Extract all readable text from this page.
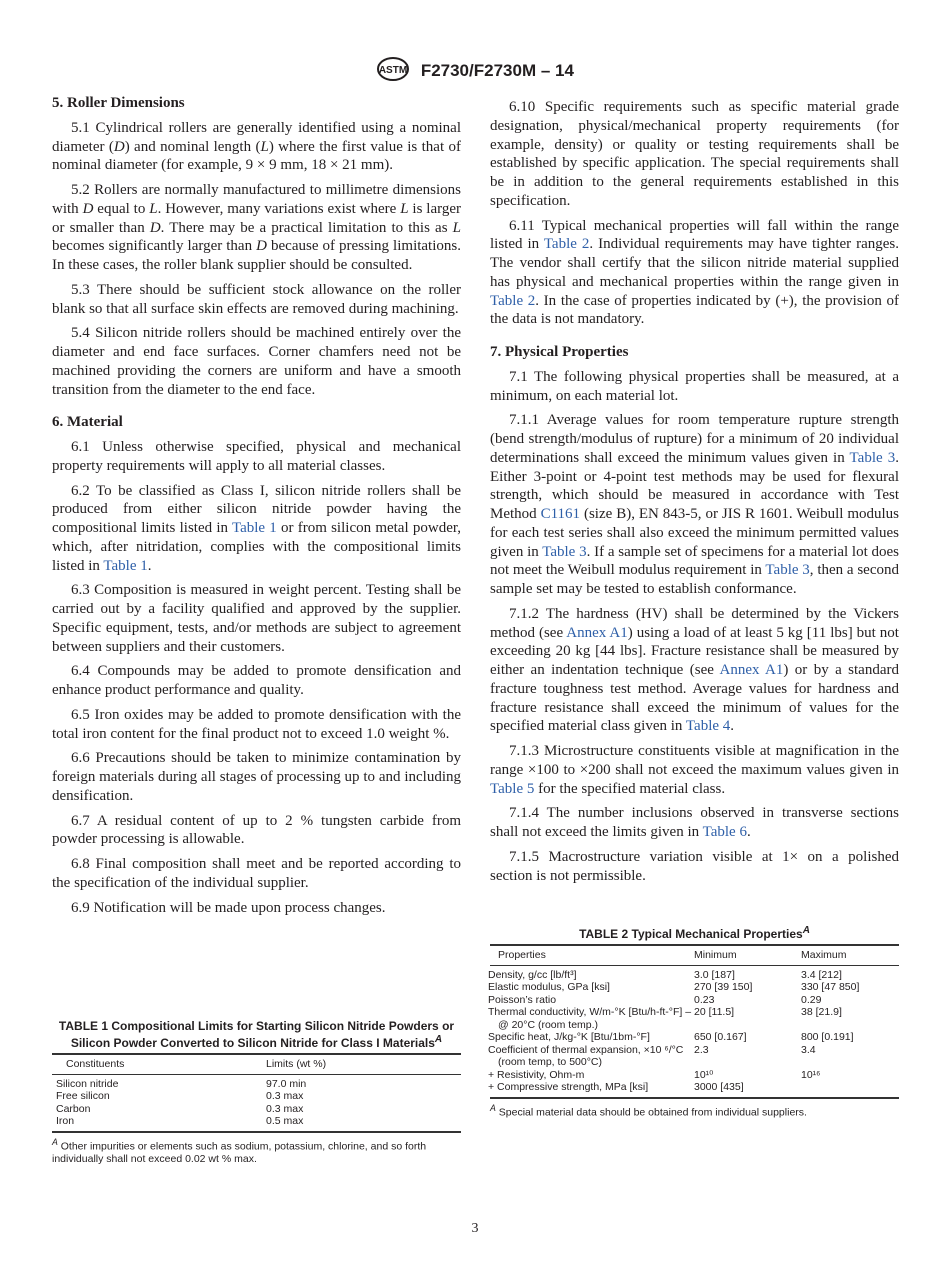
ASTM F2730/F2730M – 14
5. Roller Dimensions

5.1 Cylindrical rollers are generally identified using a nominal diameter (D) and nominal length (L) where the first value is that of nominal diameter (for example, 9 × 9 mm, 18 × 21 mm).

5.2 Rollers are normally manufactured to millimetre dimensions with D equal to L. However, many variations exist where L is larger or smaller than D. There may be a practical limitation to this as L becomes significantly larger than D because of pressing limitations. In these cases, the roller blank supplier should be consulted.

5.3 There should be sufficient stock allowance on the roller blank so that all surface skin effects are removed during machining.

5.4 Silicon nitride rollers should be machined entirely over the diameter and end face surfaces. Corner chamfers need not be machined providing the corners are uniform and have a smooth transition from the diameter to the end face.

6. Material

6.1 Unless otherwise specified, physical and mechanical property requirements will apply to all material classes.

6.2 To be classified as Class I, silicon nitride rollers shall be produced from either silicon nitride powder having the compositional limits listed in Table 1 or from silicon metal powder, which, after nitridation, complies with the compositional limits listed in Table 1.

6.3 Composition is measured in weight percent. Testing shall be carried out by a facility qualified and approved by the supplier. Specific equipment, tests, and/or methods are subject to agreement between suppliers and their customers.

6.4 Compounds may be added to promote densification and enhance product performance and quality.

6.5 Iron oxides may be added to promote densification with the total iron content for the final product not to exceed 1.0 weight %.

6.6 Precautions should be taken to minimize contamination by foreign materials during all stages of processing up to and including densification.

6.7 A residual content of up to 2 % tungsten carbide from powder processing is allowable.

6.8 Final composition shall meet and be reported according to the specification of the individual supplier.

6.9 Notification will be made upon process changes.

6.10 Specific requirements such as specific material grade designation, physical/mechanical property requirements (for example, density) or quality or testing requirements shall be established by specific application. The special requirements shall be in addition to the general requirements established in this specification.

6.11 Typical mechanical properties will fall within the range listed in Table 2. Individual requirements may have tighter ranges. The vendor shall certify that the silicon nitride material supplied has physical and mechanical properties within the range given in Table 2. In the case of properties indicated by (+), the provision of the data is not mandatory.

7. Physical Properties

7.1 The following physical properties shall be measured, at a minimum, on each material lot.

7.1.1 Average values for room temperature rupture strength (bend strength/modulus of rupture) for a minimum of 20 individual determinations shall exceed the minimum values given in Table 3. Either 3-point or 4-point test methods may be used for flexural strength, which should be measured in accordance with Test Method C1161 (size B), EN 843-5, or JIS R 1601. Weibull modulus for each test series shall also exceed the minimum permitted values given in Table 3. If a sample set of specimens for a material lot does not meet the Weibull modulus requirement in Table 3, then a second sample set may be tested to establish conformance.

7.1.2 The hardness (HV) shall be determined by the Vickers method (see Annex A1) using a load of at least 5 kg [11 lbs] but not exceeding 20 kg [44 lbs]. Fracture resistance shall be measured by either an indentation technique (see Annex A1) or by a standard fracture toughness test method. Average values for hardness and fracture resistance shall exceed the minimum of values for the specified material class given in Table 4.

7.1.3 Microstructure constituents visible at magnification in the range ×100 to ×200 shall not exceed the maximum values given in Table 5 for the specified material class.

7.1.4 The number inclusions observed in transverse sections shall not exceed the limits given in Table 6.

7.1.5 Macrostructure variation visible at 1× on a polished section is not permissible.

TABLE 1 Compositional Limits for Starting Silicon Nitride Powders or Silicon Powder Converted to Silicon Nitride for Class I Materials$^A$
Constituents	Limits (wt %)
Silicon nitride	97.0 min
Free silicon	0.3 max
Carbon	0.3 max
Iron	0.5 max
$^A$ Other impurities or elements such as sodium, potassium, chlorine, and so forth individually shall not exceed 0.02 wt % max.
TABLE 2 Typical Mechanical Properties$^A$
Properties	Minimum	Maximum
Density, g/cc [lb/ft³]	3.0 [187]	3.4 [212]
Elastic modulus, GPa [ksi]	270 [39 150]	330 [47 850]
Poisson’s ratio	0.23	0.29
Thermal conductivity, W/m-°K [Btu/h-ft-°F] – @ 20°C (room temp.)	20 [11.5]	38 [21.9]
Specific heat, J/kg-°K [Btu/1bm-°F]	650 [0.167]	800 [0.191]
Coefficient of thermal expansion, ×10 ⁶/°C (room temp, to 500°C)	2.3	3.4
+ Resistivity, Ohm-m	10¹⁰	10¹⁶
+ Compressive strength, MPa [ksi]	3000 [435]	
$^A$ Special material data should be obtained from individual suppliers.
3
